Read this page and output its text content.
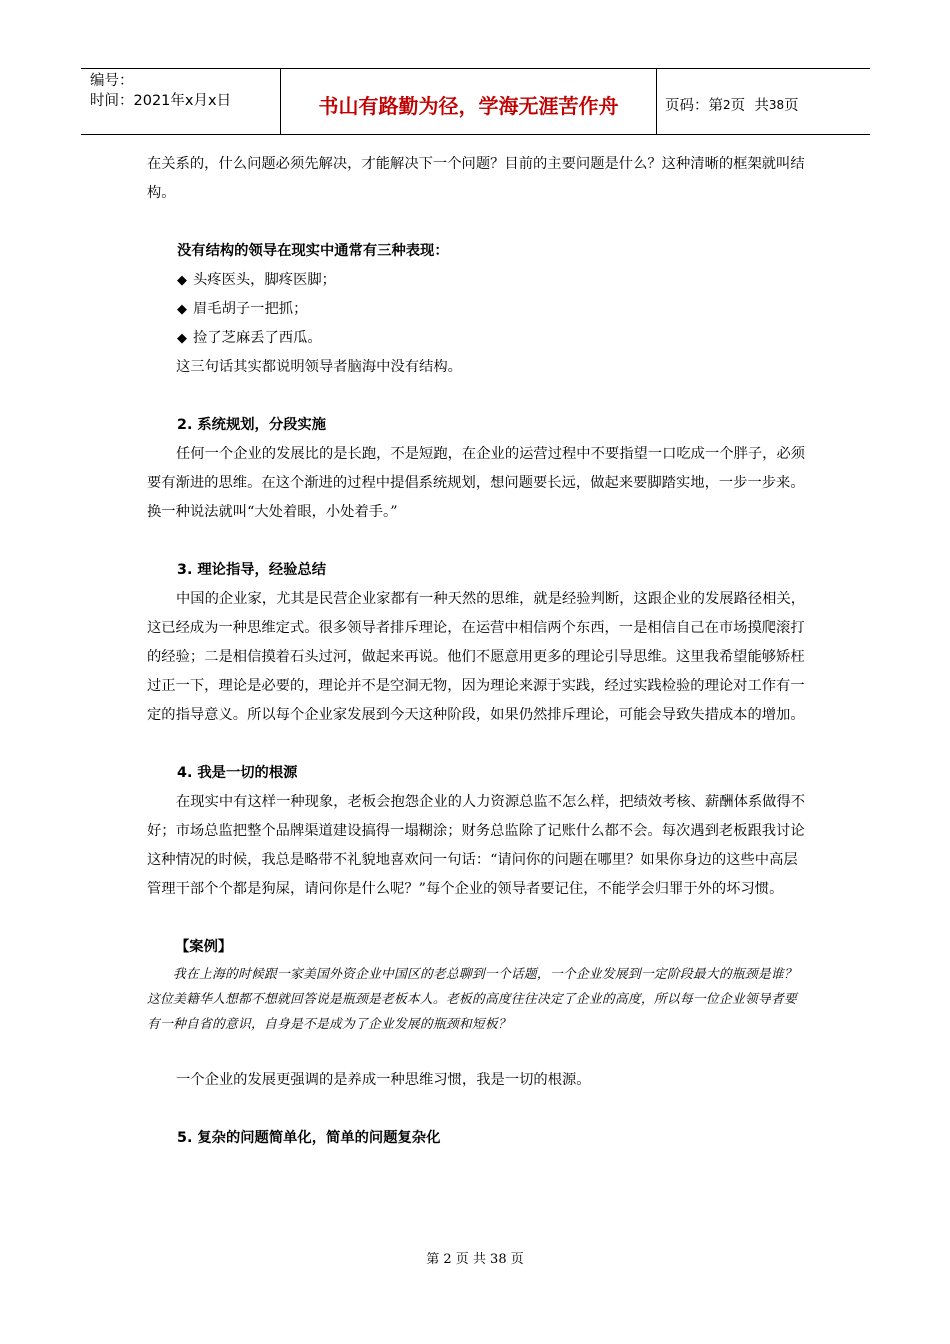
编号：
时间：2021年x月x日	书山有路勤为径，学海无涯苦作舟	页码：第 2 页  共 38 页

在关系的，什么问题必须先解决，才能解决下一个问题？目前的主要问题是什么？这种清晰的框架就叫结构。

没有结构的领导在现实中通常有三种表现：
◆ 头疼医头，脚疼医脚；
◆ 眉毛胡子一把抓；
◆ 捡了芝麻丢了西瓜。

这三句话其实都说明领导者脑海中没有结构。

2. 系统规划，分段实施

任何一个企业的发展比的是长跑，不是短跑，在企业的运营过程中不要指望一口吃成一个胖子，必须要有渐进的思维。在这个渐进的过程中提倡系统规划，想问题要长远，做起来要脚踏实地，一步一步来。换一种说法就叫“大处着眼，小处着手。”

3. 理论指导，经验总结

中国的企业家，尤其是民营企业家都有一种天然的思维，就是经验判断，这跟企业的发展路径相关，这已经成为一种思维定式。很多领导者排斥理论，在运营中相信两个东西，一是相信自己在市场摸爬滚打的经验；二是相信摸着石头过河，做起来再说。他们不愿意用更多的理论引导思维。这里我希望能够矫枉过正一下，理论是必要的，理论并不是空洞无物，因为理论来源于实践，经过实践检验的理论对工作有一定的指导意义。所以每个企业家发展到今天这种阶段，如果仍然排斥理论，可能会导致失措成本的增加。

4. 我是一切的根源

在现实中有这样一种现象，老板会抱怨企业的人力资源总监不怎么样，把绩效考核、薪酬体系做得不好；市场总监把整个品牌渠道建设搞得一塌糊涂；财务总监除了记账什么都不会。每次遇到老板跟我讨论这种情况的时候，我总是略带不礼貌地喜欢问一句话：“请问你的问题在哪里？如果你身边的这些中高层管理干部个个都是狗屎，请问你是什么呢？”每个企业的领导者要记住，不能学会归罪于外的坏习惯。

【案例】

我在上海的时候跟一家美国外资企业中国区的老总聊到一个话题，一个企业发展到一定阶段最大的瓶颈是谁？这位美籍华人想都不想就回答说是瓶颈是老板本人。老板的高度往往决定了企业的高度，所以每一位企业领导者要有一种自省的意识，自身是不是成为了企业发展的瓶颈和短板？

一个企业的发展更强调的是养成一种思维习惯，我是一切的根源。

5. 复杂的问题简单化，简单的问题复杂化
第 2 页 共 38 页
